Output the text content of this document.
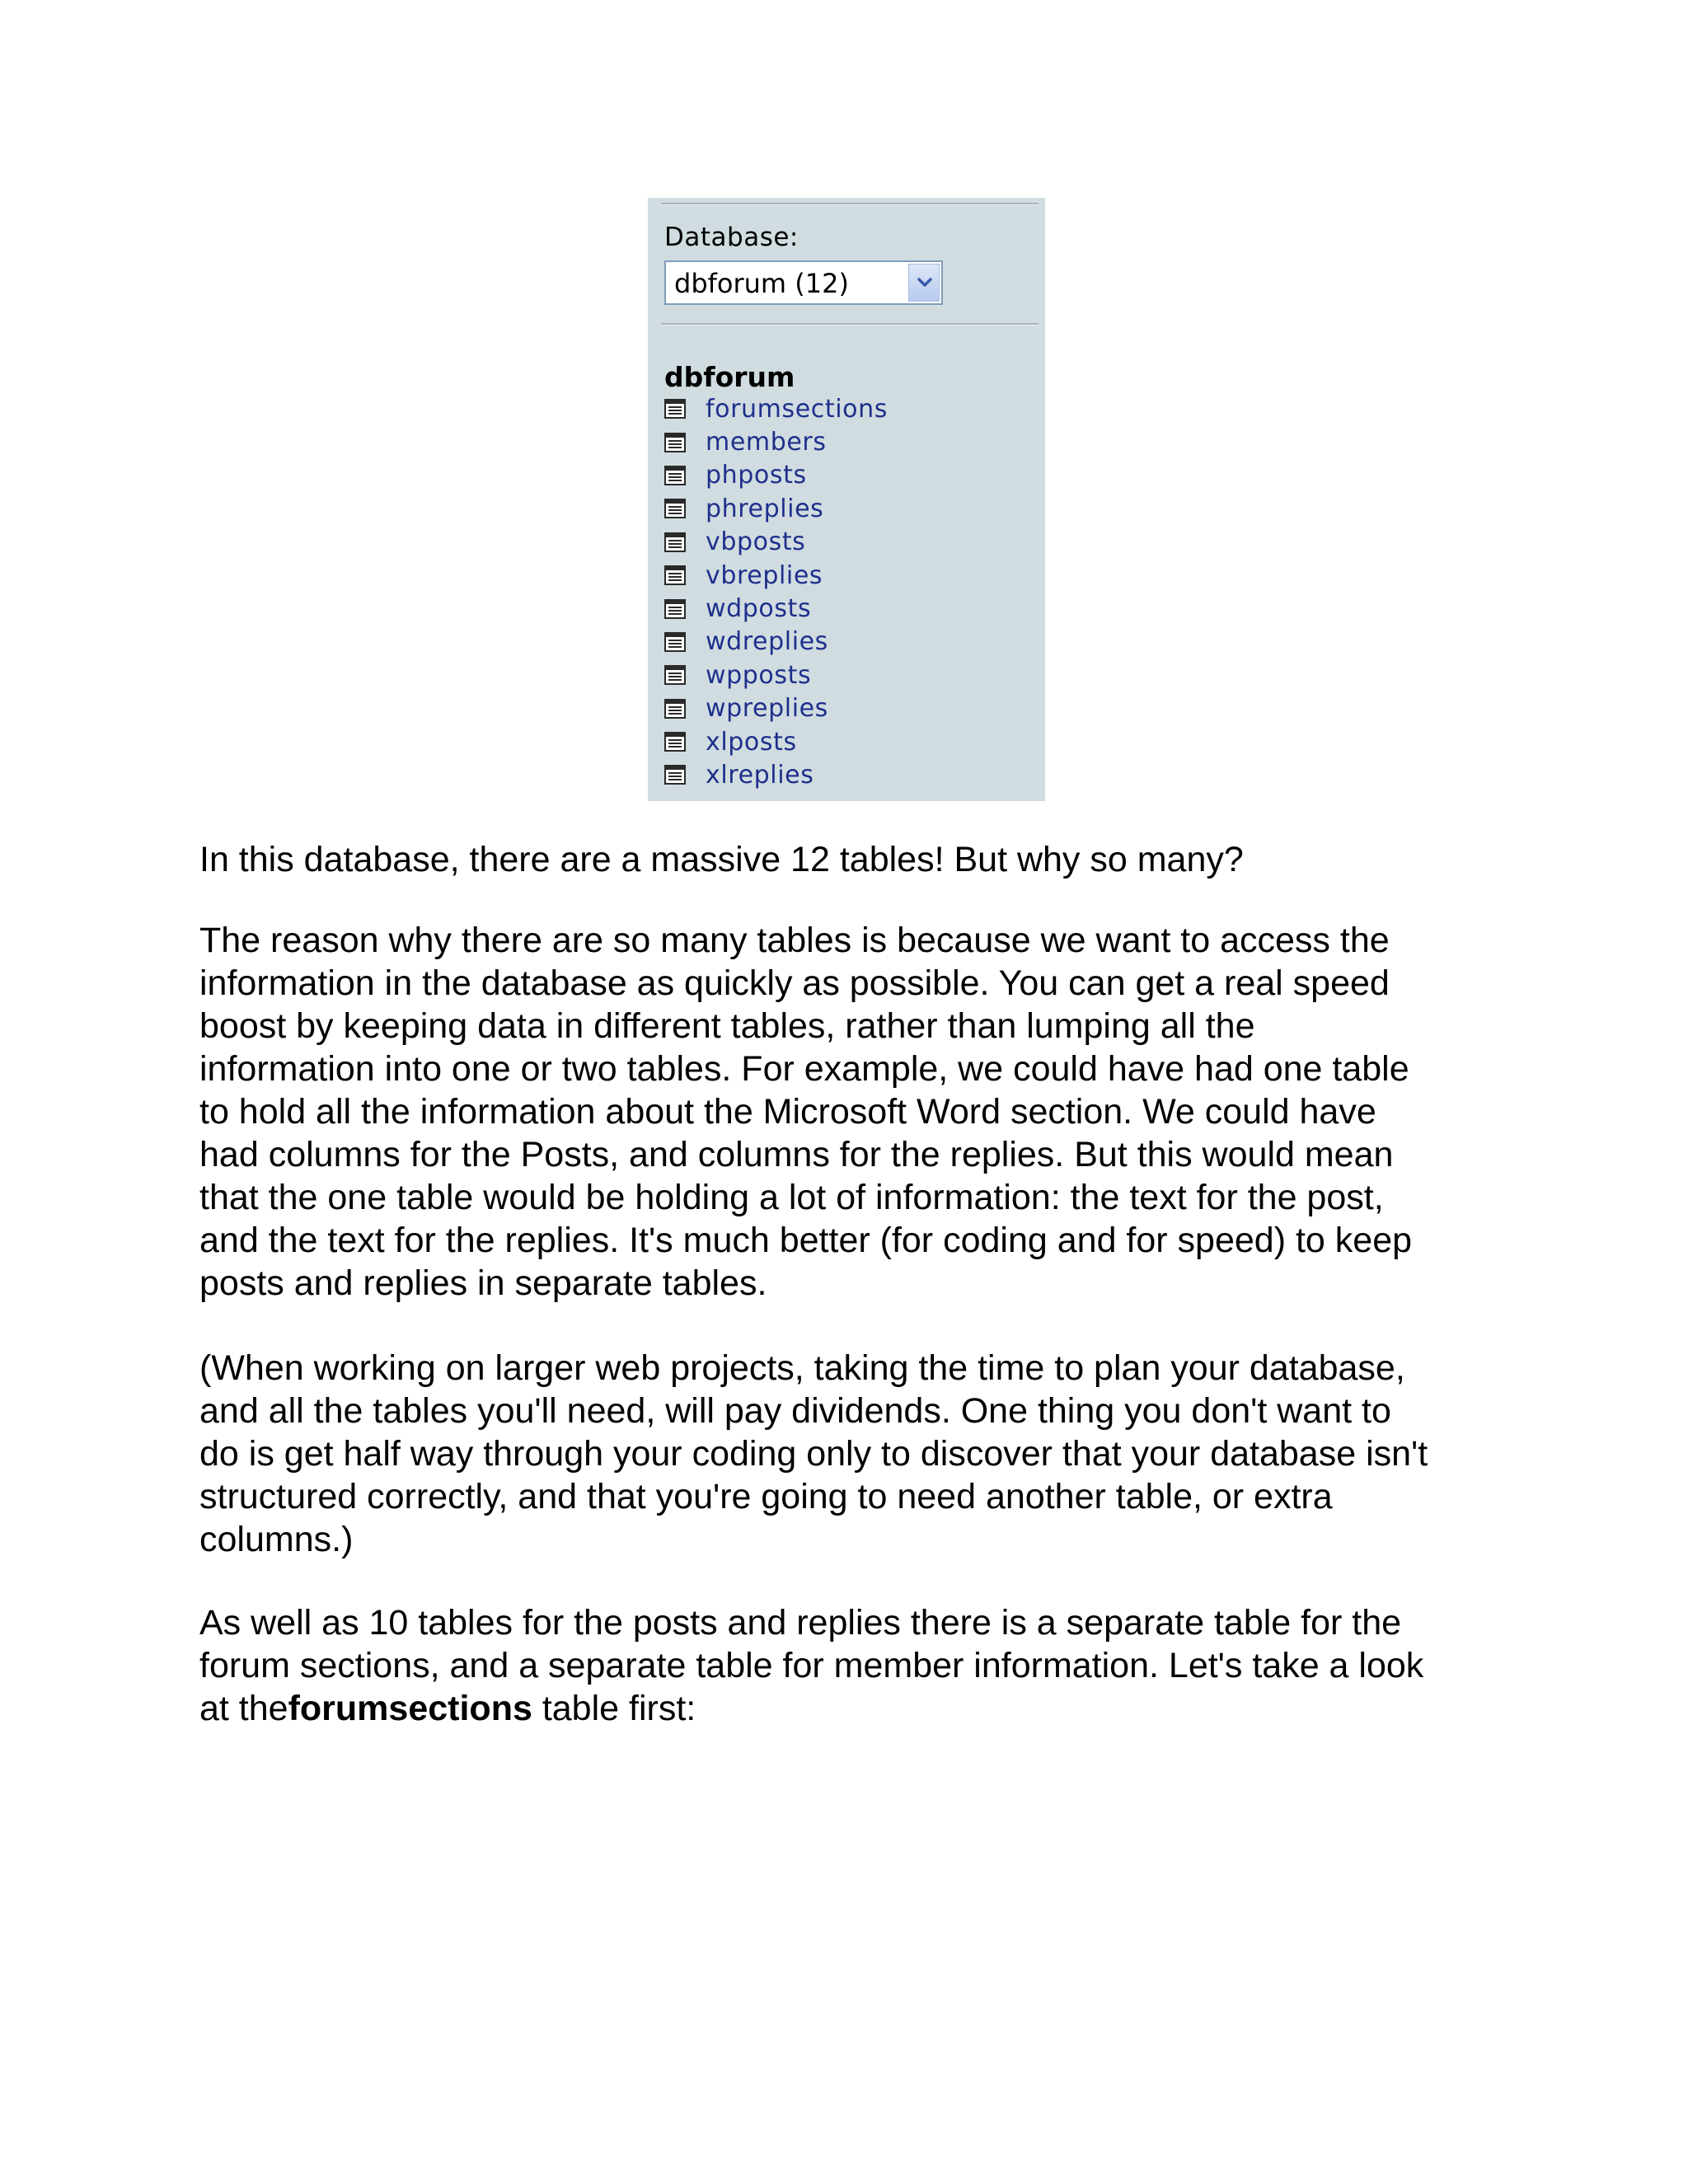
Database:
dbforum (12)
dbforum
forumsections
members
phposts
phreplies
vbposts
vbreplies
wdposts
wdreplies
wpposts
wpreplies
xlposts
xlreplies

In this database, there are a massive 12 tables! But why so many?

The reason why there are so many tables is because we want to access the
information in the database as quickly as possible. You can get a real speed
boost by keeping data in different tables, rather than lumping all the
information into one or two tables. For example, we could have had one table
to hold all the information about the Microsoft Word section. We could have
had columns for the Posts, and columns for the replies. But this would mean
that the one table would be holding a lot of information: the text for the post,
and the text for the replies. It's much better (for coding and for speed) to keep
posts and replies in separate tables.

(When working on larger web projects, taking the time to plan your database,
and all the tables you'll need, will pay dividends. One thing you don't want to
do is get half way through your coding only to discover that your database isn't
structured correctly, and that you're going to need another table, or extra
columns.)

As well as 10 tables for the posts and replies there is a separate table for the
forum sections, and a separate table for member information. Let's take a look
at theforumsections table first:
